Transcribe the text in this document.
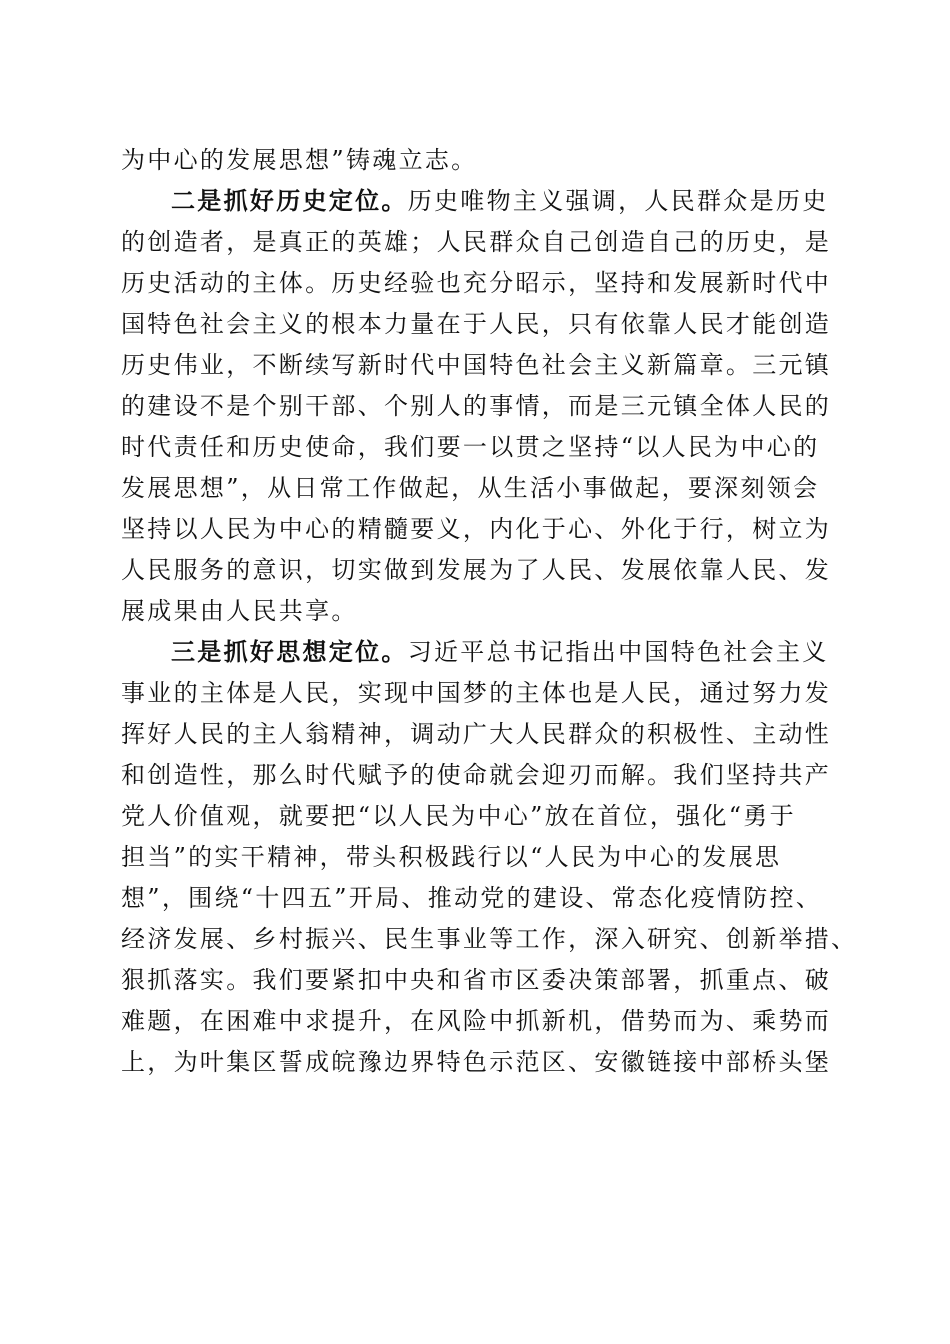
为中心的发展思想”铸魂立志。
二是抓好历史定位。历史唯物主义强调，人民群众是历史
的创造者，是真正的英雄；人民群众自己创造自己的历史，是
历史活动的主体。历史经验也充分昭示，坚持和发展新时代中
国特色社会主义的根本力量在于人民，只有依靠人民才能创造
历史伟业，不断续写新时代中国特色社会主义新篇章。三元镇
的建设不是个别干部、个别人的事情，而是三元镇全体人民的
时代责任和历史使命，我们要一以贯之坚持“以人民为中心的
发展思想”，从日常工作做起，从生活小事做起，要深刻领会
坚持以人民为中心的精髓要义，内化于心、外化于行，树立为
人民服务的意识，切实做到发展为了人民、发展依靠人民、发
展成果由人民共享。
三是抓好思想定位。习近平总书记指出中国特色社会主义
事业的主体是人民，实现中国梦的主体也是人民，通过努力发
挥好人民的主人翁精神，调动广大人民群众的积极性、主动性
和创造性，那么时代赋予的使命就会迎刃而解。我们坚持共产
党人价值观，就要把“以人民为中心”放在首位，强化“勇于
担当”的实干精神，带头积极践行以“人民为中心的发展思
想”，围绕“十四五”开局、推动党的建设、常态化疫情防控、
经济发展、乡村振兴、民生事业等工作，深入研究、创新举措、
狠抓落实。我们要紧扣中央和省市区委决策部署，抓重点、破
难题，在困难中求提升，在风险中抓新机，借势而为、乘势而
上，为叶集区誓成皖豫边界特色示范区、安徽链接中部桥头堡
